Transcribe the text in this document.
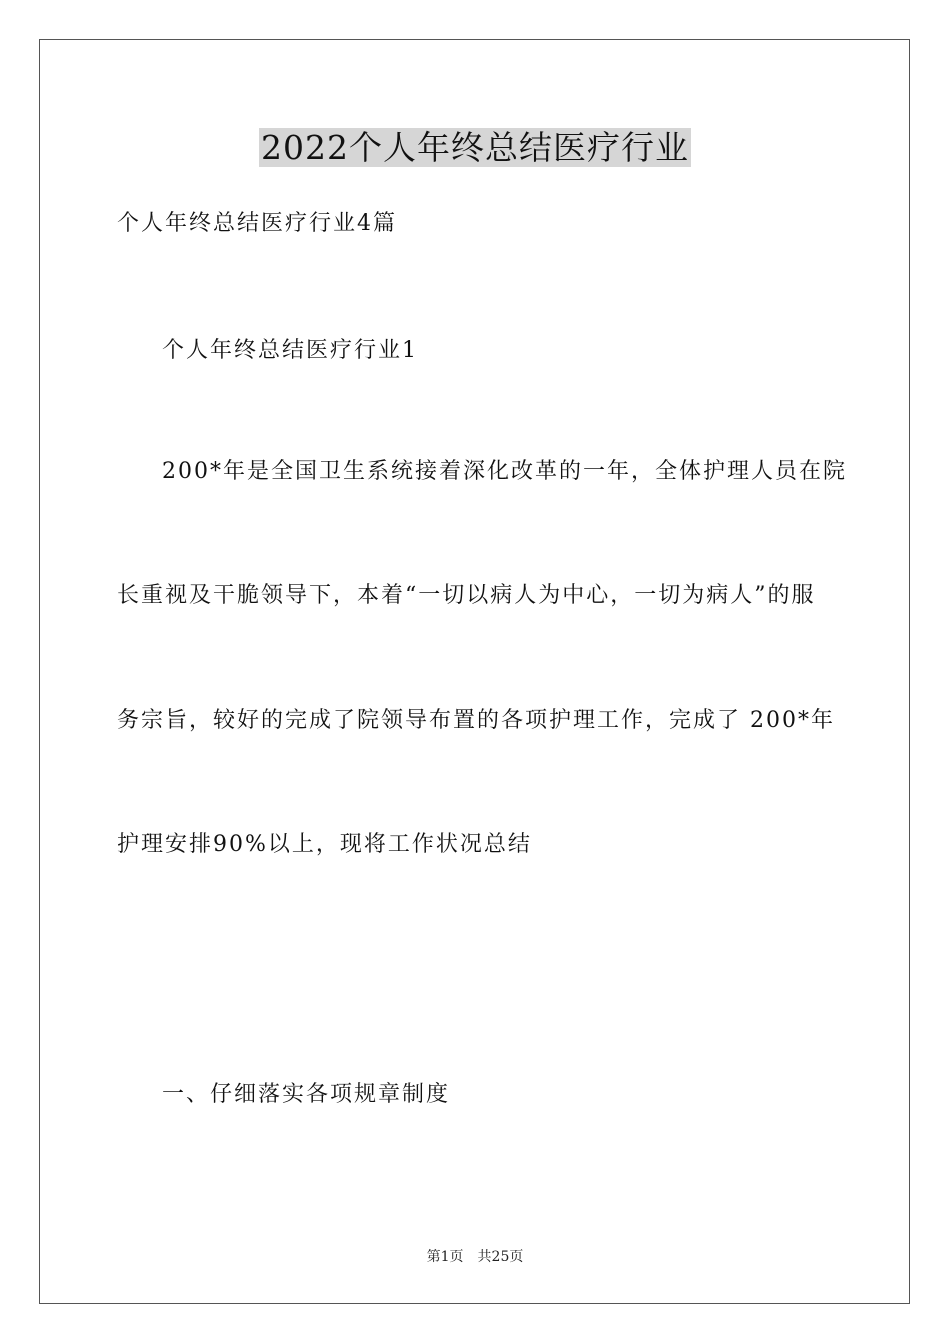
2022个人年终总结医疗行业
个人年终总结医疗行业4篇
个人年终总结医疗行业1
200*年是全国卫生系统接着深化改革的一年，全体护理人员在院
长重视及干脆领导下，本着“一切以病人为中心，一切为病人”的服
务宗旨，较好的完成了院领导布置的各项护理工作，完成了 200*年
护理安排90%以上，现将工作状况总结
一、仔细落实各项规章制度
第1页 共25页
